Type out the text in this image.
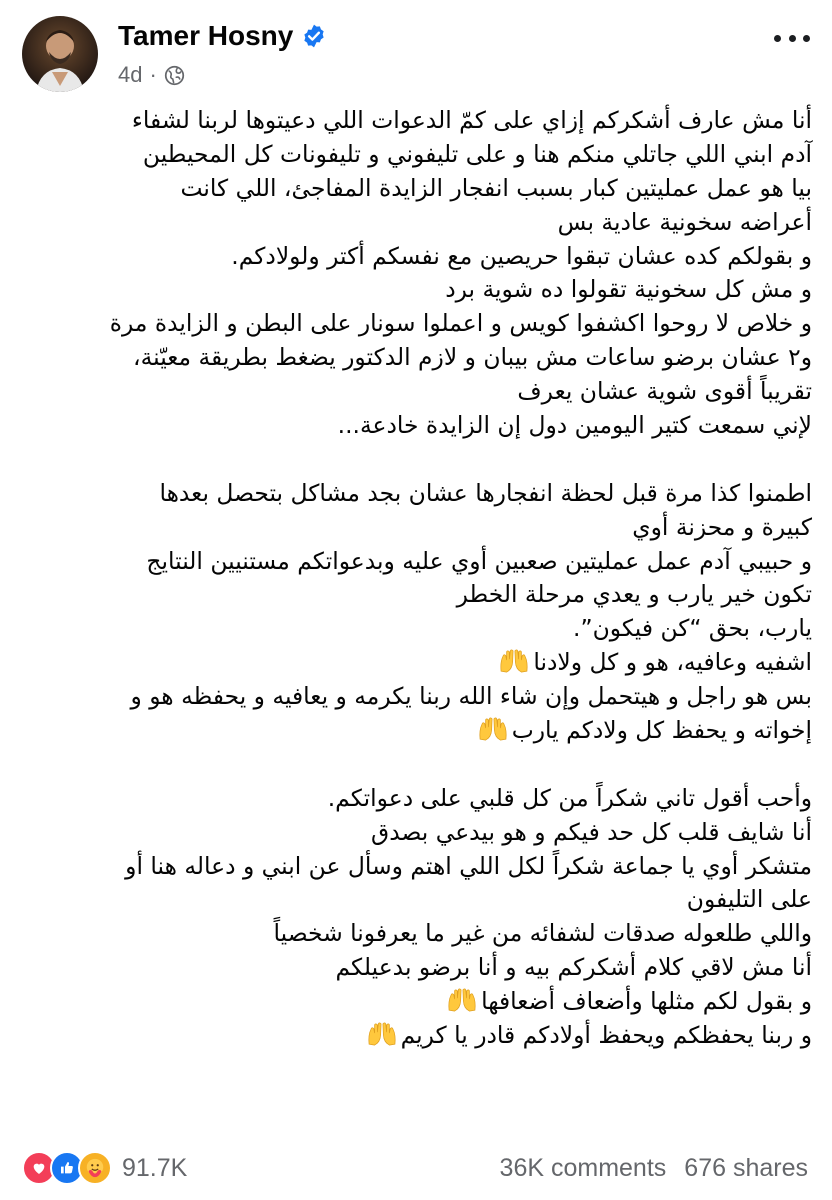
Tamer Hosny
4d ·
أنا مش عارف أشكركم إزاي على كمّ الدعوات اللي دعيتوها لربنا لشفاء
آدم ابني اللي جاتلي منكم هنا و على تليفوني و تليفونات كل المحيطين
بيا هو عمل عمليتين كبار بسبب انفجار الزايدة المفاجئ، اللي كانت
أعراضه سخونية عادية بس
و بقولكم كده عشان تبقوا حريصين مع نفسكم أكتر ولولادكم.
و مش كل سخونية تقولوا ده شوية برد
و خلاص لا روحوا اكشفوا كويس و اعملوا سونار على البطن و الزايدة مرة
و٢ عشان برضو ساعات مش بيبان و لازم الدكتور يضغط بطريقة معيّنة،
تقريباً أقوى شوية عشان يعرف
لإني سمعت كتير اليومين دول إن الزايدة خادعة...
اطمنوا كذا مرة قبل لحظة انفجارها عشان بجد مشاكل بتحصل بعدها
كبيرة و محزنة أوي
و حبيبي آدم عمل عمليتين صعبين أوي عليه وبدعواتكم مستنيين النتايج
تكون خير يارب و يعدي مرحلة الخطر
يارب، بحق “كن فيكون”.
اشفيه وعافيه، هو و كل ولادنا
بس هو راجل و هيتحمل وإن شاء الله ربنا يكرمه و يعافيه و يحفظه هو و
إخواته و يحفظ كل ولادكم يارب
وأحب أقول تاني شكراً من كل قلبي على دعواتكم.
أنا شايف قلب كل حد فيكم و هو بيدعي بصدق
متشكر أوي يا جماعة شكراً لكل اللي اهتم وسأل عن ابني و دعاله هنا أو
على التليفون
واللي طلعوله صدقات لشفائه من غير ما يعرفونا شخصياً
أنا مش لاقي كلام أشكركم بيه و أنا برضو بدعيلكم
و بقول لكم مثلها وأضعاف أضعافها
و ربنا يحفظكم ويحفظ أولادكم قادر يا كريم
91.7K	36K comments 676 shares
